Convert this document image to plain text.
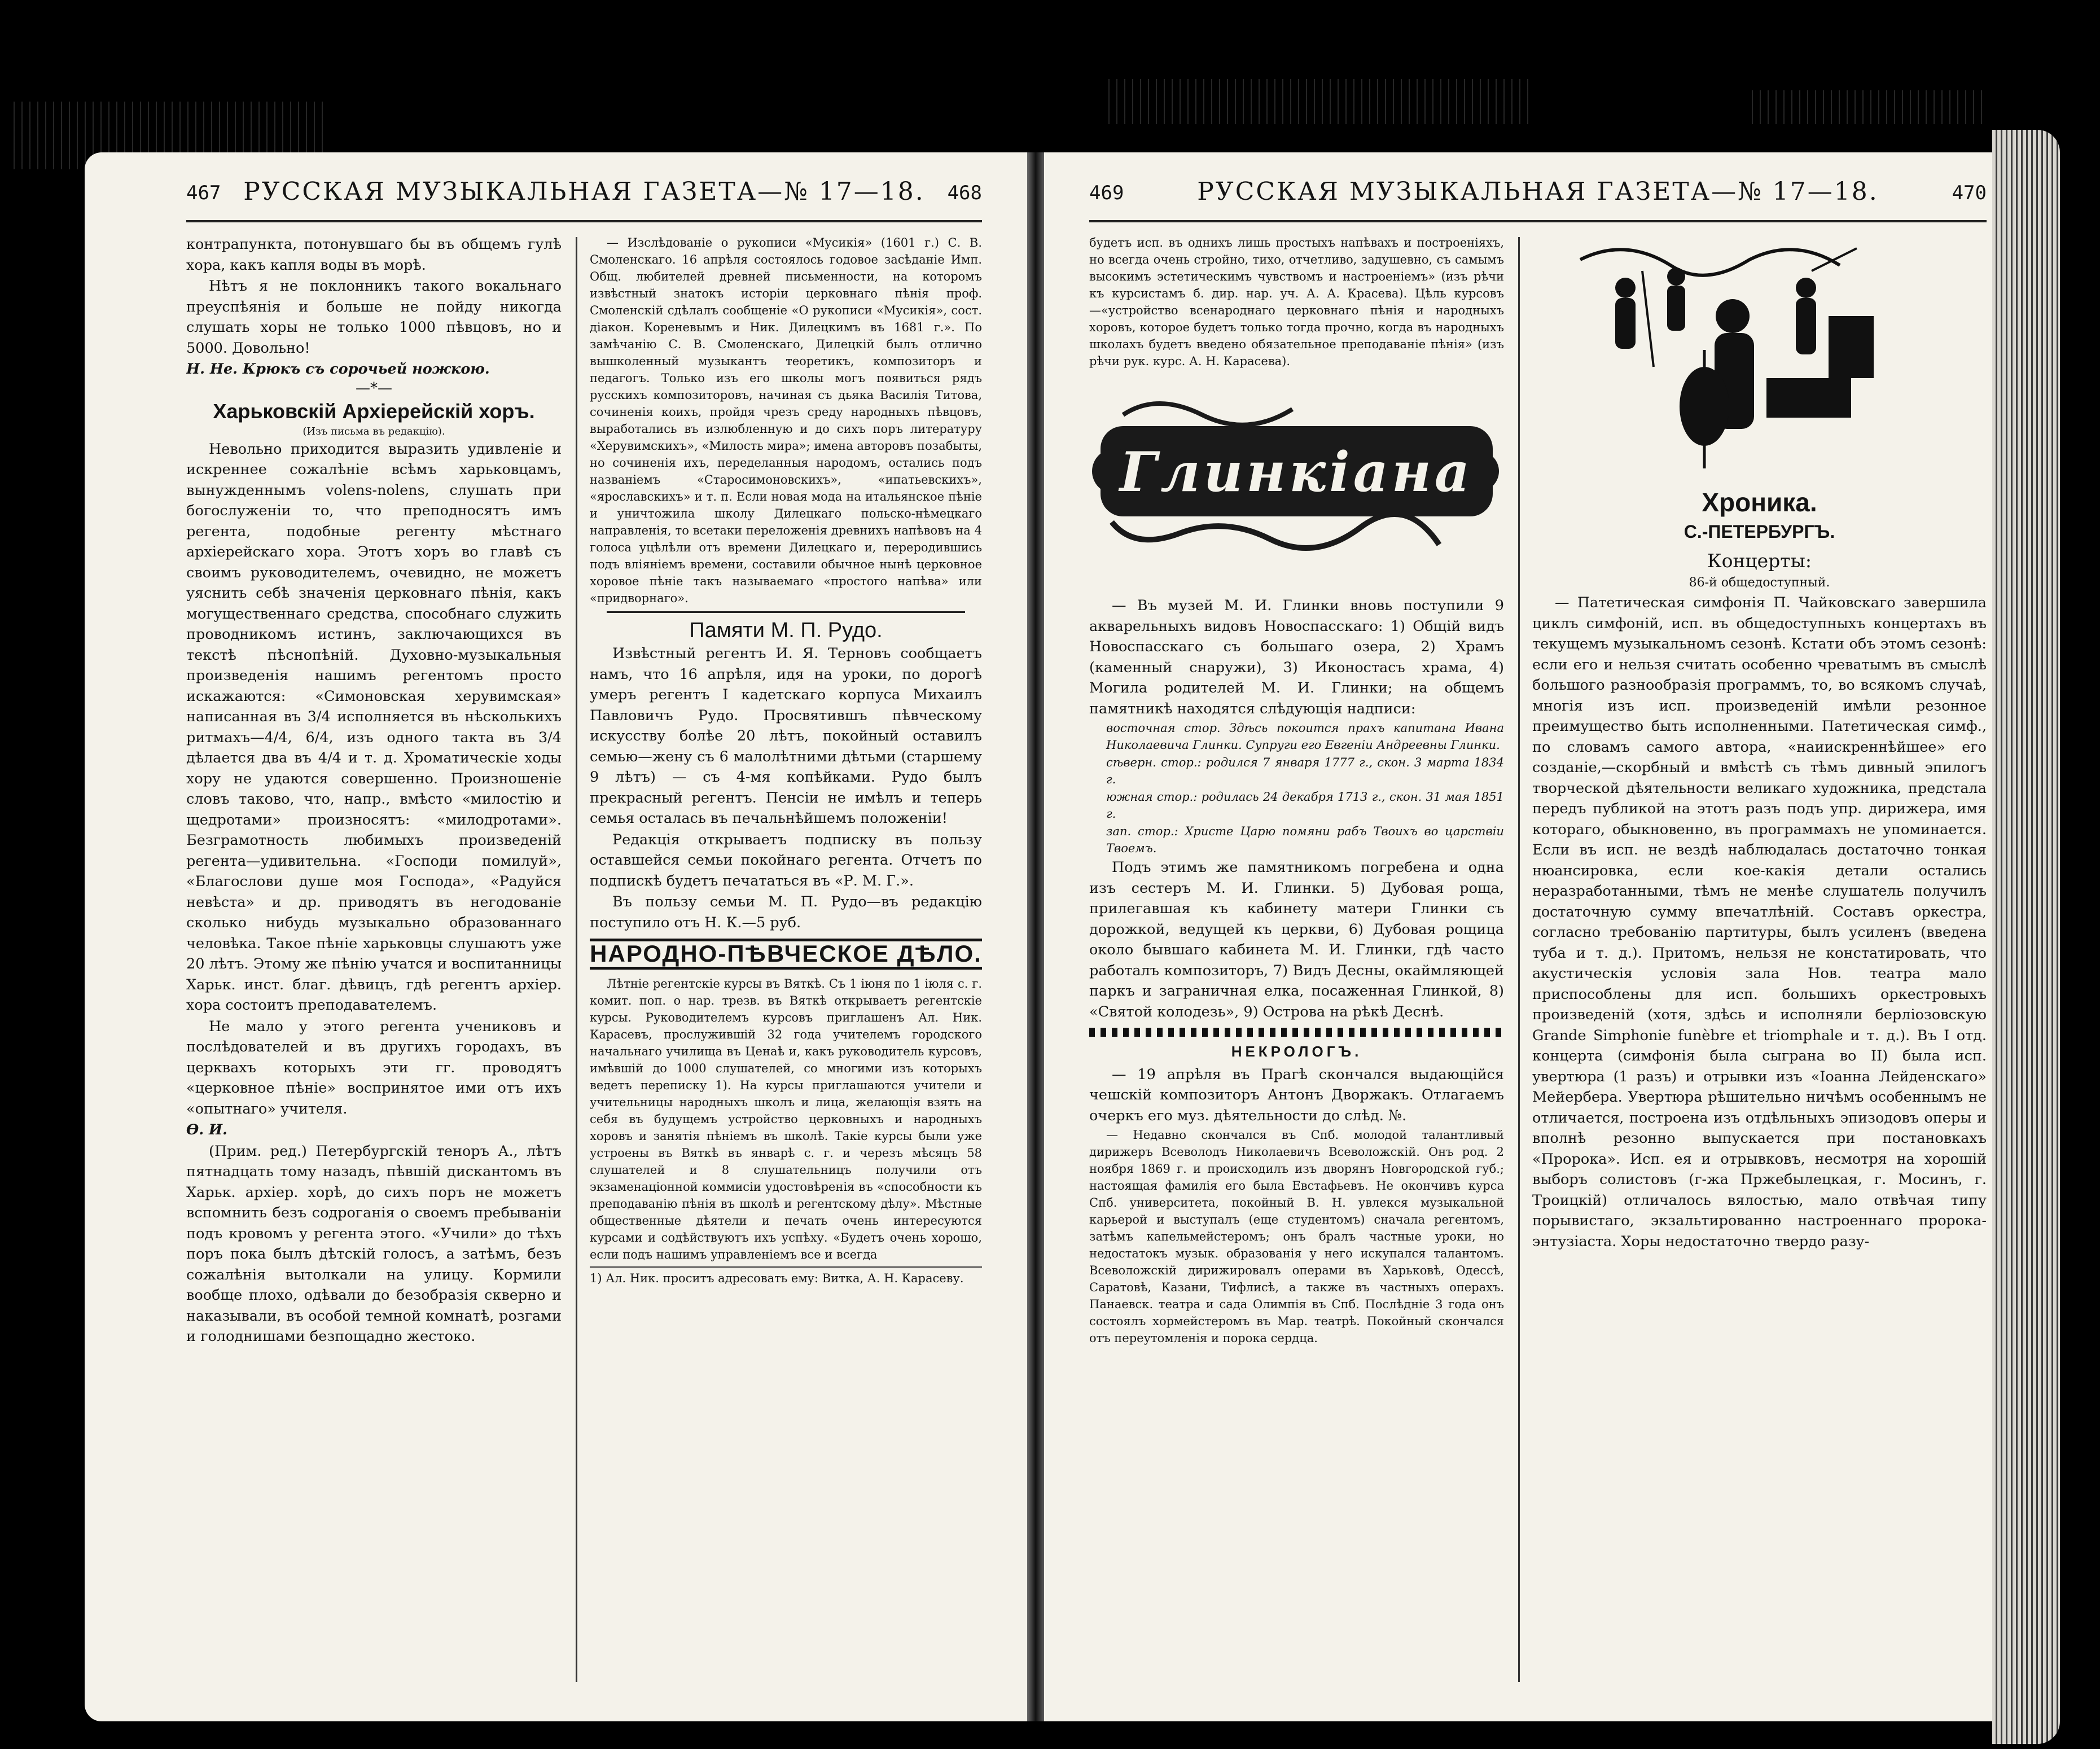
467 РУССКАЯ МУЗЫКАЛЬНАЯ ГАЗЕТА—№ 17—18.	468

контрапункта, потонувшаго бы въ общемъ гулѣ хора, какъ капля воды въ морѣ.

Нѣтъ я не поклонникъ такого вокальнаго преуспѣянія и больше не пойду никогда слушать хоры не только 1000 пѣвцовъ, но и 5000. Довольно!

Н. Не. Крюкъ съ сорочьей ножкою.

—*—
Харьковскій Архіерейскій хоръ.
(Изъ письма въ редакцію).

Невольно приходится выразить удивленіе и искреннее сожалѣніе всѣмъ харьковцамъ, вынужденнымъ volens-nolens, слушать при богослуженіи то, что преподносятъ имъ регента, подобные регенту мѣстнаго архіерейскаго хора. Этотъ хоръ во главѣ съ своимъ руководителемъ, очевидно, не можетъ уяснить себѣ значенія церковнаго пѣнія, какъ могущественнаго средства, способнаго служить проводникомъ истинъ, заключающихся въ текстѣ пѣснопѣній. Духовно-музыкальныя произведенія нашимъ регентомъ просто искажаются: «Симоновская херувимская» написанная въ 3/4 исполняется въ нѣсколькихъ ритмахъ—4/4, 6/4, изъ одного такта въ 3/4 дѣлается два въ 4/4 и т. д. Хроматическіе ходы хору не удаются совершенно. Произношеніе словъ таково, что, напр., вмѣсто «милостію и щедротами» произносятъ: «милодротами». Безграмотность любимыхъ произведеній регента—удивительна. «Господи помилуй», «Благослови душе моя Господа», «Радуйся невѣста» и др. приводятъ въ негодованіе сколько нибудь музыкально образованнаго человѣка. Такое пѣніе харьковцы слушаютъ уже 20 лѣтъ. Этому же пѣнію учатся и воспитанницы Харьк. инст. благ. дѣвицъ, гдѣ регентъ архіер. хора состоитъ преподавателемъ.

Не мало у этого регента учениковъ и послѣдователей и въ другихъ городахъ, въ церквахъ которыхъ эти гг. проводятъ «церковное пѣніе» воспринятое ими отъ ихъ «опытнаго» учителя.

Ө. И.

(Прим. ред.) Петербургскій теноръ А., лѣтъ пятнадцать тому назадъ, пѣвшій дискантомъ въ Харьк. архіер. хорѣ, до сихъ поръ не можетъ вспомнить безъ содроганія о своемъ пребываніи подъ кровомъ у регента этого. «Учили» до тѣхъ поръ пока былъ дѣтскій голосъ, а затѣмъ, безъ сожалѣнія вытолкали на улицу. Кормили вообще плохо, одѣвали до безобразія скверно и наказывали, въ особой темной комнатѣ, розгами и голоднишами безпощадно жестоко.

— Изслѣдованіе о рукописи «Мусикія» (1601 г.) С. В. Смоленскаго. 16 апрѣля состоялось годовое засѣданіе Имп. Общ. любителей древней письменности, на которомъ извѣстный знатокъ исторіи церковнаго пѣнія проф. Смоленскій сдѣлалъ сообщеніе «О рукописи «Мусикія», сост. діакон. Кореневымъ и Ник. Дилецкимъ въ 1681 г.». По замѣчанію С. В. Смоленскаго, Дилецкій былъ отлично вышколенный музыкантъ теоретикъ, композиторъ и педагогъ. Только изъ его школы могъ появиться рядъ русскихъ композиторовъ, начиная съ дьяка Василія Титова, сочиненія коихъ, пройдя чрезъ среду народныхъ пѣвцовъ, выработались въ излюбленную и до сихъ поръ литературу «Херувимскихъ», «Милость мира»; имена авторовъ позабыты, но сочиненія ихъ, переделанныя народомъ, остались подъ названіемъ «Старосимоновскихъ», «ипатьевскихъ», «ярославскихъ» и т. п. Если новая мода на итальянское пѣніе и уничтожила школу Дилецкаго польско-нѣмецкаго направленія, то всетаки переложенія древнихъ напѣвовъ на 4 голоса уцѣлѣли отъ времени Дилецкаго и, переродившись подъ вліяніемъ времени, составили обычное нынѣ церковное хоровое пѣніе такъ называемаго «простого напѣва» или «придворнаго».

Памяти М. П. Рудо.

Извѣстный регентъ И. Я. Терновъ сообщаетъ намъ, что 16 апрѣля, идя на уроки, по дорогѣ умеръ регентъ I кадетскаго корпуса Михаилъ Павловичъ Рудо. Просвятившъ пѣвческому искусству болѣе 20 лѣтъ, покойный оставилъ семью—жену съ 6 малолѣтними дѣтьми (старшему 9 лѣтъ) — съ 4-мя копѣйками. Рудо былъ прекрасный регентъ. Пенсіи не имѣлъ и теперь семья осталась въ печальнѣйшемъ положеніи!

Редакція открываетъ подписку въ пользу оставшейся семьи покойнаго регента. Отчетъ по подпискѣ будетъ печататься въ «Р. М. Г.».

Въ пользу семьи М. П. Рудо—въ редакцію поступило отъ Н. К.—5 руб.

НАРОДНО-ПѢВЧЕСКОЕ ДѢЛО.

Лѣтніе регентскіе курсы въ Вяткѣ. Съ 1 іюня по 1 іюля с. г. комит. поп. о нар. трезв. въ Вяткѣ открываетъ регентскіе курсы. Руководителемъ курсовъ приглашенъ Ал. Ник. Карасевъ, прослужившій 32 года учителемъ городского начальнаго училища въ Ценаѣ и, какъ руководитель курсовъ, имѣвшій до 1000 слушателей, со многими изъ которыхъ ведетъ переписку 1). На курсы приглашаются учители и учительницы народныхъ школъ и лица, желающія взять на себя въ будущемъ устройство церковныхъ и народныхъ хоровъ и занятія пѣніемъ въ школѣ. Такіе курсы были уже устроены въ Вяткѣ въ январѣ с. г. и черезъ мѣсяцъ 58 слушателей и 8 слушательницъ получили отъ экзаменаціонной коммисіи удостовѣренія въ «способности къ преподаванію пѣнія въ школѣ и регентскому дѣлу». Мѣстные общественные дѣятели и печать очень интересуются курсами и содѣйствуютъ ихъ успѣху. «Будетъ очень хорошо, если подъ нашимъ управленіемъ все и всегда

1) Ал. Ник. проситъ адресовать ему: Витка, А. Н. Карасеву.

469	РУССКАЯ МУЗЫКАЛЬНАЯ ГАЗЕТА—№ 17—18.	470

будетъ исп. въ однихъ лишь простыхъ напѣвахъ и построеніяхъ, но всегда очень стройно, тихо, отчетливо, задушевно, съ самымъ высокимъ эстетическимъ чувствомъ и настроеніемъ» (изъ рѣчи къ курсистамъ б. дир. нар. уч. А. А. Красева). Цѣль курсовъ—«устройство всенароднаго церковнаго пѣнія и народныхъ хоровъ, которое будетъ только тогда прочно, когда въ народныхъ школахъ будетъ введено обязательное преподаваніе пѣнія» (изъ рѣчи рук. курс. А. Н. Карасева).

Глинкіана

— Въ музей М. И. Глинки вновь поступили 9 акварельныхъ видовъ Новоспасскаго: 1) Общій видъ Новоспасскаго съ большаго озера, 2) Храмъ (каменный снаружи), 3) Иконостасъ храма, 4) Могила родителей М. И. Глинки; на общемъ памятникѣ находятся слѣдующія надписи:

восточная стор. Здѣсь покоится прахъ капитана Ивана Николаевича Глинки. Супруги его Евгеніи Андреевны Глинки.

сѣверн. стор.: родился 7 января 1777 г., скон. 3 марта 1834 г.

южная стор.: родилась 24 декабря 1713 г., скон. 31 мая 1851 г.

зап. стор.: Христе Царю помяни рабъ Твоихъ во царствіи Твоемъ.

Подъ этимъ же памятникомъ погребена и одна изъ сестеръ М. И. Глинки. 5) Дубовая роща, прилегавшая къ кабинету матери Глинки съ дорожкой, ведущей къ церкви, 6) Дубовая рощица около бывшаго кабинета М. И. Глинки, гдѣ часто работалъ композиторъ, 7) Видъ Десны, окаймляющей паркъ и заграничная елка, посаженная Глинкой, 8) «Святой колодезь», 9) Острова на рѣкѣ Деснѣ.

НЕКРОЛОГЪ.

— 19 апрѣля въ Прагѣ скончался выдающійся чешскій композиторъ Антонъ Дворжакъ. Отлагаемъ очеркъ его муз. дѣятельности до слѣд. №.

— Недавно скончался въ Спб. молодой талантливый дирижеръ Всеволодъ Николаевичъ Всеволожскій. Онъ род. 2 ноября 1869 г. и происходилъ изъ дворянъ Новгородской губ.; настоящая фамилія его была Евстафьевъ. Не окончивъ курса Спб. университета, покойный В. Н. увлекся музыкальной карьерой и выступалъ (еще студентомъ) сначала регентомъ, затѣмъ капельмейстеромъ; онъ бралъ частные уроки, но недостатокъ музык. образованія у него искупался талантомъ. Всеволожскій дирижировалъ операми въ Харьковѣ, Одессѣ, Саратовѣ, Казани, Тифлисѣ, а также въ частныхъ операхъ. Панаевск. театра и сада Олимпія въ Спб. Послѣдніе 3 года онъ состоялъ хормейстеромъ въ Мар. театрѣ. Покойный скончался отъ переутомленія и порока сердца.

Хроника.
С.-ПЕТЕРБУРГЪ.
Концерты:
86-й общедоступный.

— Патетическая симфонія П. Чайковскаго завершила циклъ симфоній, исп. въ общедоступныхъ концертахъ въ текущемъ музыкальномъ сезонѣ. Кстати объ этомъ сезонѣ: если его и нельзя считать особенно чреватымъ въ смыслѣ большого разнообразія программъ, то, во всякомъ случаѣ, многія изъ исп. произведеній имѣли резонное преимущество быть исполненными. Патетическая симф., по словамъ самого автора, «наиискреннѣйшее» его созданіе,—скорбный и вмѣстѣ съ тѣмъ дивный эпилогъ творческой дѣятельности великаго художника, предстала передъ публикой на этотъ разъ подъ упр. дирижера, имя котораго, обыкновенно, въ программахъ не упоминается. Если въ исп. не вездѣ наблюдалась достаточно тонкая нюансировка, если кое-какія детали остались неразработанными, тѣмъ не менѣе слушатель получилъ достаточную сумму впечатлѣній. Составъ оркестра, согласно требованію партитуры, былъ усиленъ (введена туба и т. д.). Притомъ, нельзя не констатировать, что акустическія условія зала Нов. театра мало приспособлены для исп. большихъ оркестровыхъ произведеній (хотя, здѣсь и исполняли берліозовскую Grande Simphonie funèbre et triomphale и т. д.). Въ I отд. концерта (симфонія была сыграна во II) была исп. увертюра (1 разъ) и отрывки изъ «Іоанна Лейденскаго» Мейербера. Увертюра рѣшительно ничѣмъ особеннымъ не отличается, построена изъ отдѣльныхъ эпизодовъ оперы и вполнѣ резонно выпускается при постановкахъ «Пророка». Исп. ея и отрывковъ, несмотря на хорошій выборъ солистовъ (г-жа Пржебылецкая, г. Мосинъ, г. Троицкій) отличалось вялостью, мало отвѣчая типу порывистаго, экзальтированно настроеннаго пророка-энтузіаста. Хоры недостаточно твердо разу-
